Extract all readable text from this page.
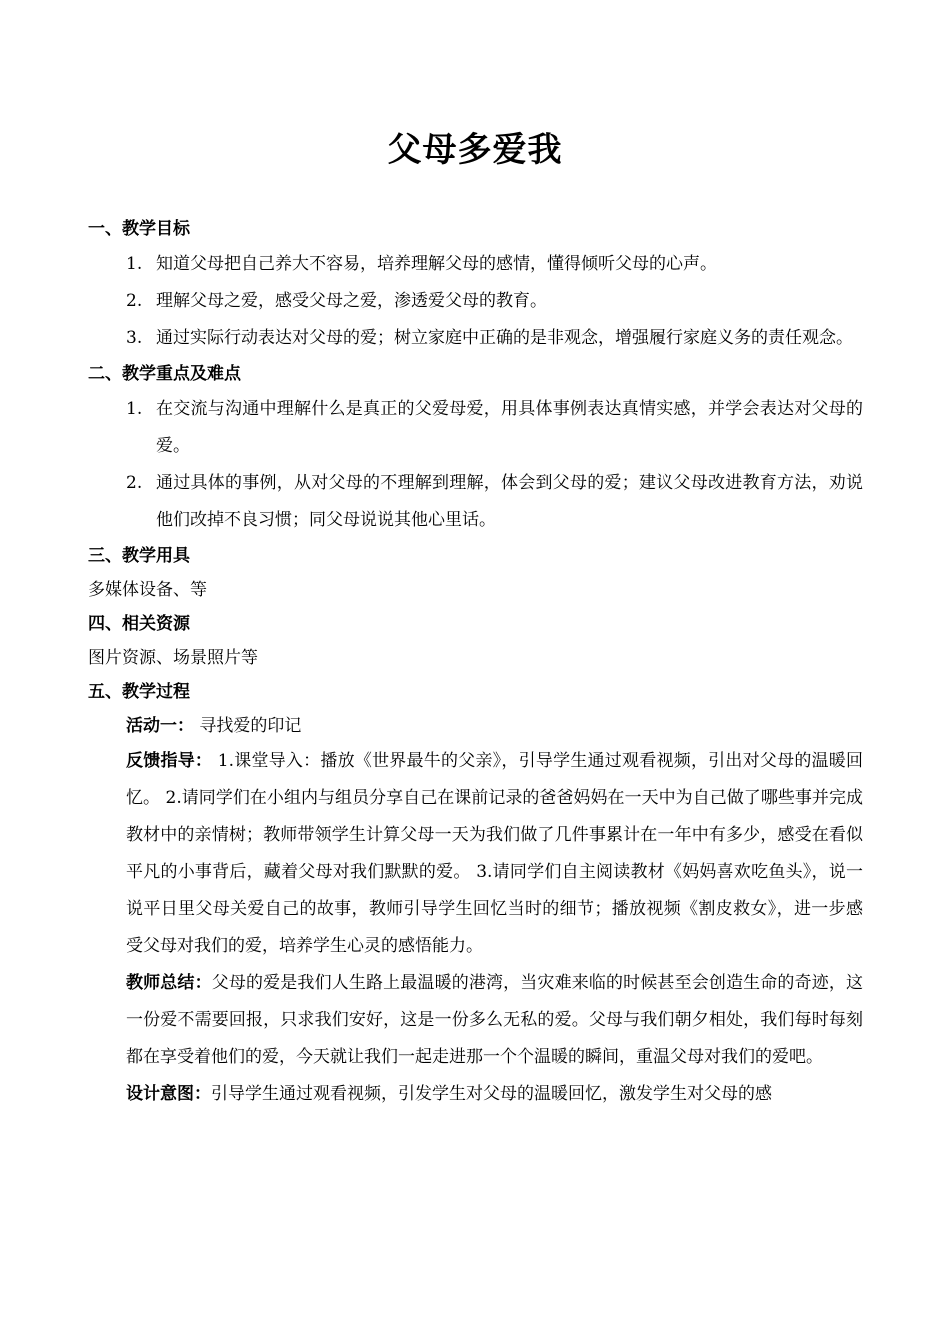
父母多爱我
一、教学目标
1. 知道父母把自己养大不容易，培养理解父母的感情，懂得倾听父母的心声。
2. 理解父母之爱，感受父母之爱，渗透爱父母的教育。
3. 通过实际行动表达对父母的爱；树立家庭中正确的是非观念，增强履行家庭义务的责任观念。
二、教学重点及难点
1. 在交流与沟通中理解什么是真正的父爱母爱，用具体事例表达真情实感，并学会表达对父母的爱。
2. 通过具体的事例，从对父母的不理解到理解，体会到父母的爱；建议父母改进教育方法，劝说他们改掉不良习惯；同父母说说其他心里话。
三、教学用具
多媒体设备、等
四、相关资源
图片资源、场景照片等
五、教学过程
活动一： 寻找爱的印记
反馈指导： 1.课堂导入：播放《世界最牛的父亲》，引导学生通过观看视频，引出对父母的温暖回忆。 2.请同学们在小组内与组员分享自己在课前记录的爸爸妈妈在一天中为自己做了哪些事并完成教材中的亲情树；教师带领学生计算父母一天为我们做了几件事累计在一年中有多少，感受在看似平凡的小事背后，藏着父母对我们默默的爱。 3.请同学们自主阅读教材《妈妈喜欢吃鱼头》，说一说平日里父母关爱自己的故事，教师引导学生回忆当时的细节；播放视频《割皮救女》，进一步感受父母对我们的爱，培养学生心灵的感悟能力。
教师总结：父母的爱是我们人生路上最温暖的港湾，当灾难来临的时候甚至会创造生命的奇迹，这一份爱不需要回报，只求我们安好，这是一份多么无私的爱。父母与我们朝夕相处，我们每时每刻都在享受着他们的爱，今天就让我们一起走进那一个个温暖的瞬间，重温父母对我们的爱吧。
设计意图：引导学生通过观看视频，引发学生对父母的温暖回忆，激发学生对父母的感
